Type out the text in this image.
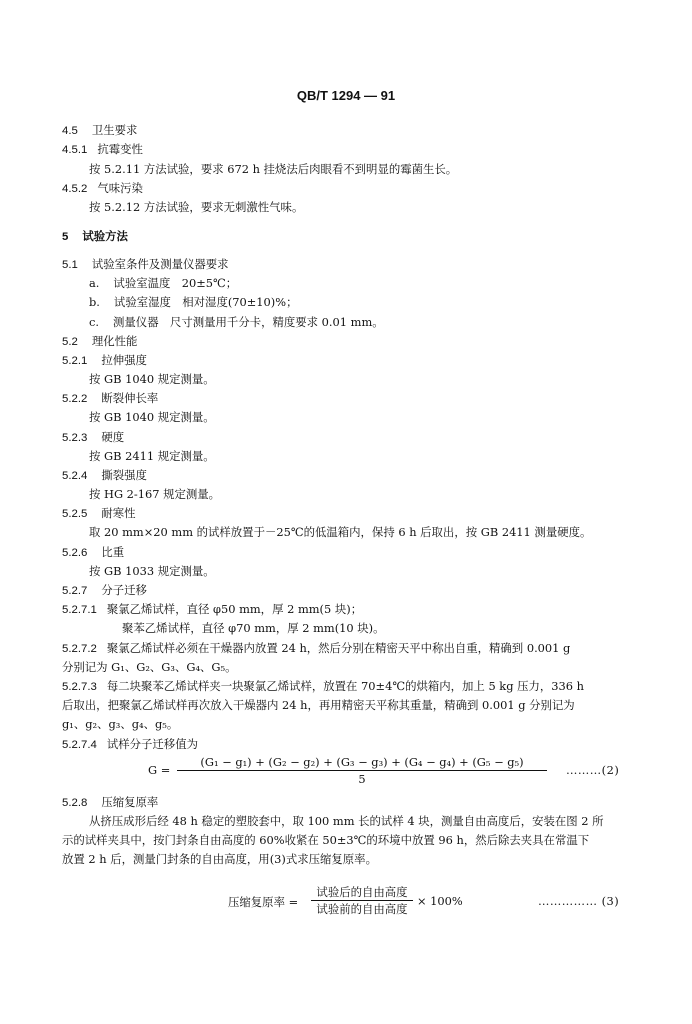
QB/T 1294 — 91
4.5 卫生要求
4.5.1 抗霉变性
按 5.2.11 方法试验，要求 672 h 挂烧法后肉眼看不到明显的霉菌生长。
4.5.2 气味污染
按 5.2.12 方法试验，要求无刺激性气味。
5 试验方法
5.1 试验室条件及测量仪器要求
a. 试验室温度　20±5℃；
b. 试验室湿度　相对湿度(70±10)%；
c. 测量仪器　尺寸测量用千分卡，精度要求 0.01 mm。
5.2 理化性能
5.2.1 拉伸强度
按 GB 1040 规定测量。
5.2.2 断裂伸长率
按 GB 1040 规定测量。
5.2.3 硬度
按 GB 2411 规定测量。
5.2.4 撕裂强度
按 HG 2-167 规定测量。
5.2.5 耐寒性
取 20 mm×20 mm 的试样放置于－25℃的低温箱内，保持 6 h 后取出，按 GB 2411 测量硬度。
5.2.6 比重
按 GB 1033 规定测量。
5.2.7 分子迁移
5.2.7.1 聚氯乙烯试样，直径 φ50 mm，厚 2 mm(5 块)；
聚苯乙烯试样，直径 φ70 mm，厚 2 mm(10 块)。
5.2.7.2 聚氯乙烯试样必须在干燥器内放置 24 h，然后分别在精密天平中称出自重，精确到 0.001 g
分别记为 G₁、G₂、G₃、G₄、G₅。
5.2.7.3 每二块聚苯乙烯试样夹一块聚氯乙烯试样，放置在 70±4℃的烘箱内，加上 5 kg 压力，336 h
后取出，把聚氯乙烯试样再次放入干燥器内 24 h，再用精密天平称其重量，精确到 0.001 g 分别记为
g₁、g₂、g₃、g₄、g₅。
5.2.7.4 试样分子迁移值为
G =
(G₁ − g₁) + (G₂ − g₂) + (G₃ − g₃) + (G₄ − g₄) + (G₅ − g₅)
5
………(2)
5.2.8 压缩复原率
从挤压成形后经 48 h 稳定的塑胶套中，取 100 mm 长的试样 4 块，测量自由高度后，安装在图 2 所
示的试样夹具中，按门封条自由高度的 60%收紧在 50±3℃的环境中放置 96 h，然后除去夹具在常温下
放置 2 h 后，测量门封条的自由高度，用(3)式求压缩复原率。
压缩复原率 =
试验后的自由高度
试验前的自由高度
× 100%	…………… (3)
